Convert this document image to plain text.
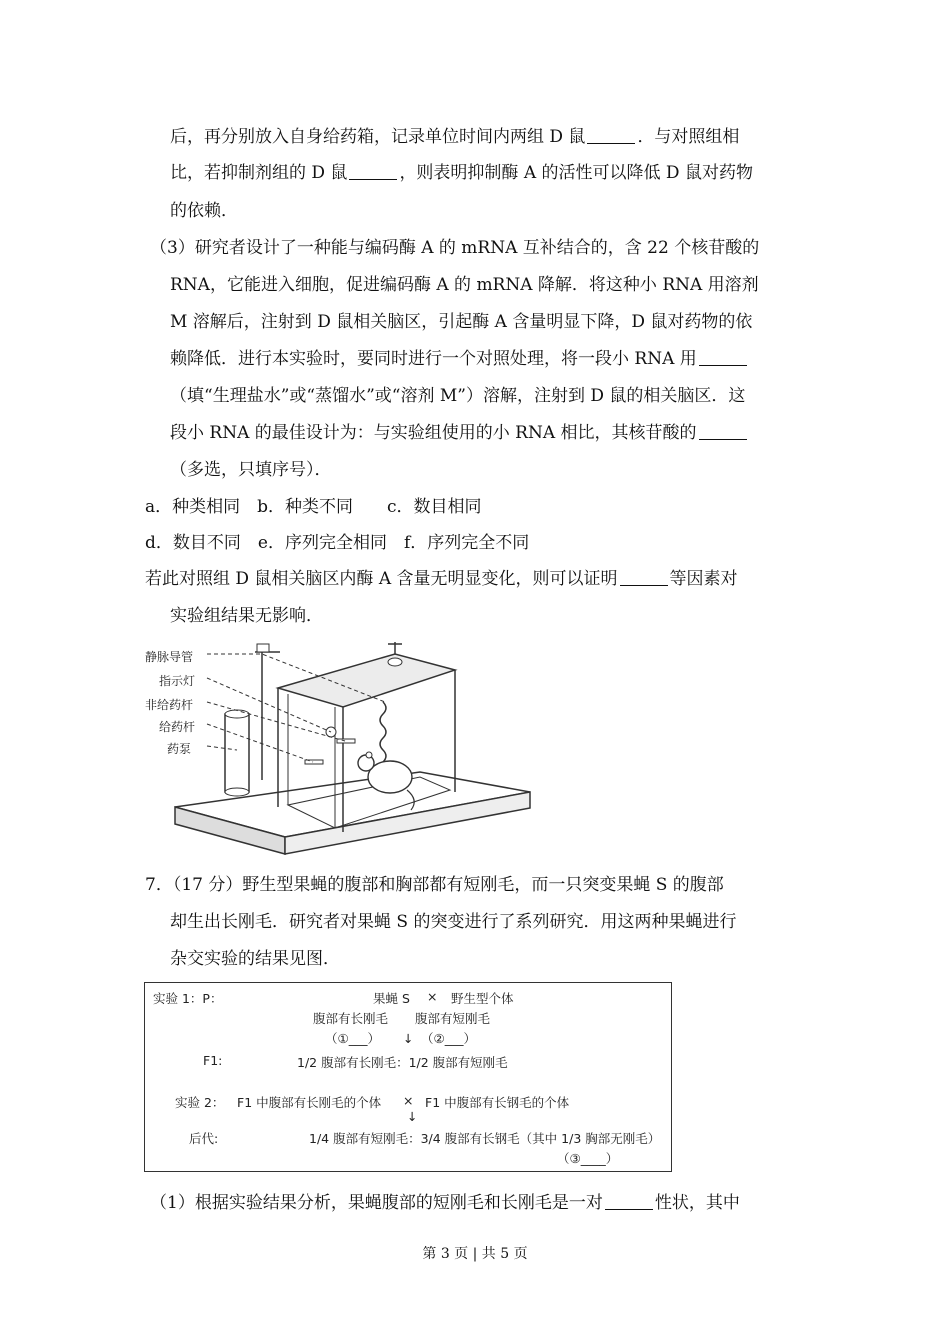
后，再分别放入自身给药箱，记录单位时间内两组 D 鼠	．与对照组相
比，若抑制剂组的 D 鼠	，则表明抑制酶 A 的活性可以降低 D 鼠对药物
的依赖．
（3）研究者设计了一种能与编码酶 A 的 mRNA 互补结合的，含 22 个核苷酸的
RNA，它能进入细胞，促进编码酶 A 的 mRNA 降解．将这种小 RNA 用溶剂
M 溶解后，注射到 D 鼠相关脑区，引起酶 A 含量明显下降，D 鼠对药物的依
赖降低．进行本实验时，要同时进行一个对照处理，将一段小 RNA 用
（填“生理盐水”或“蒸馏水”或“溶剂 M”）溶解，注射到 D 鼠的相关脑区．这
段小 RNA 的最佳设计为：与实验组使用的小 RNA 相比，其核苷酸的
（多选，只填序号）．
a．种类相同　b．种类不同　　c．数目相同
d．数目不同　e．序列完全相同　f．序列完全不同
若此对照组 D 鼠相关脑区内酶 A 含量无明显变化，则可以证明	等因素对
实验组结果无影响．
静脉导管
指示灯
非给药杆
给药杆
药泵
7．（17 分）野生型果蝇的腹部和胸部都有短刚毛，而一只突变果蝇 S 的腹部
却生出长刚毛．研究者对果蝇 S 的突变进行了系列研究．用这两种果蝇进行
杂交实验的结果见图．
实验 1：P：	果蝇 S × 野生型个体
腹部有长刚毛 腹部有短刚毛
（①___） ↓ （②___）
F1:	1/2 腹部有长刚毛：1/2 腹部有短刚毛
实验 2： F1 中腹部有长刚毛的个体 × F1 中腹部有长钢毛的个体
↓
后代:	1/4 腹部有短刚毛：3/4 腹部有长钢毛（其中 1/3 胸部无刚毛）
（③____）
（1）根据实验结果分析，果蝇腹部的短刚毛和长刚毛是一对	性状，其中
第 3 页 | 共 5 页
